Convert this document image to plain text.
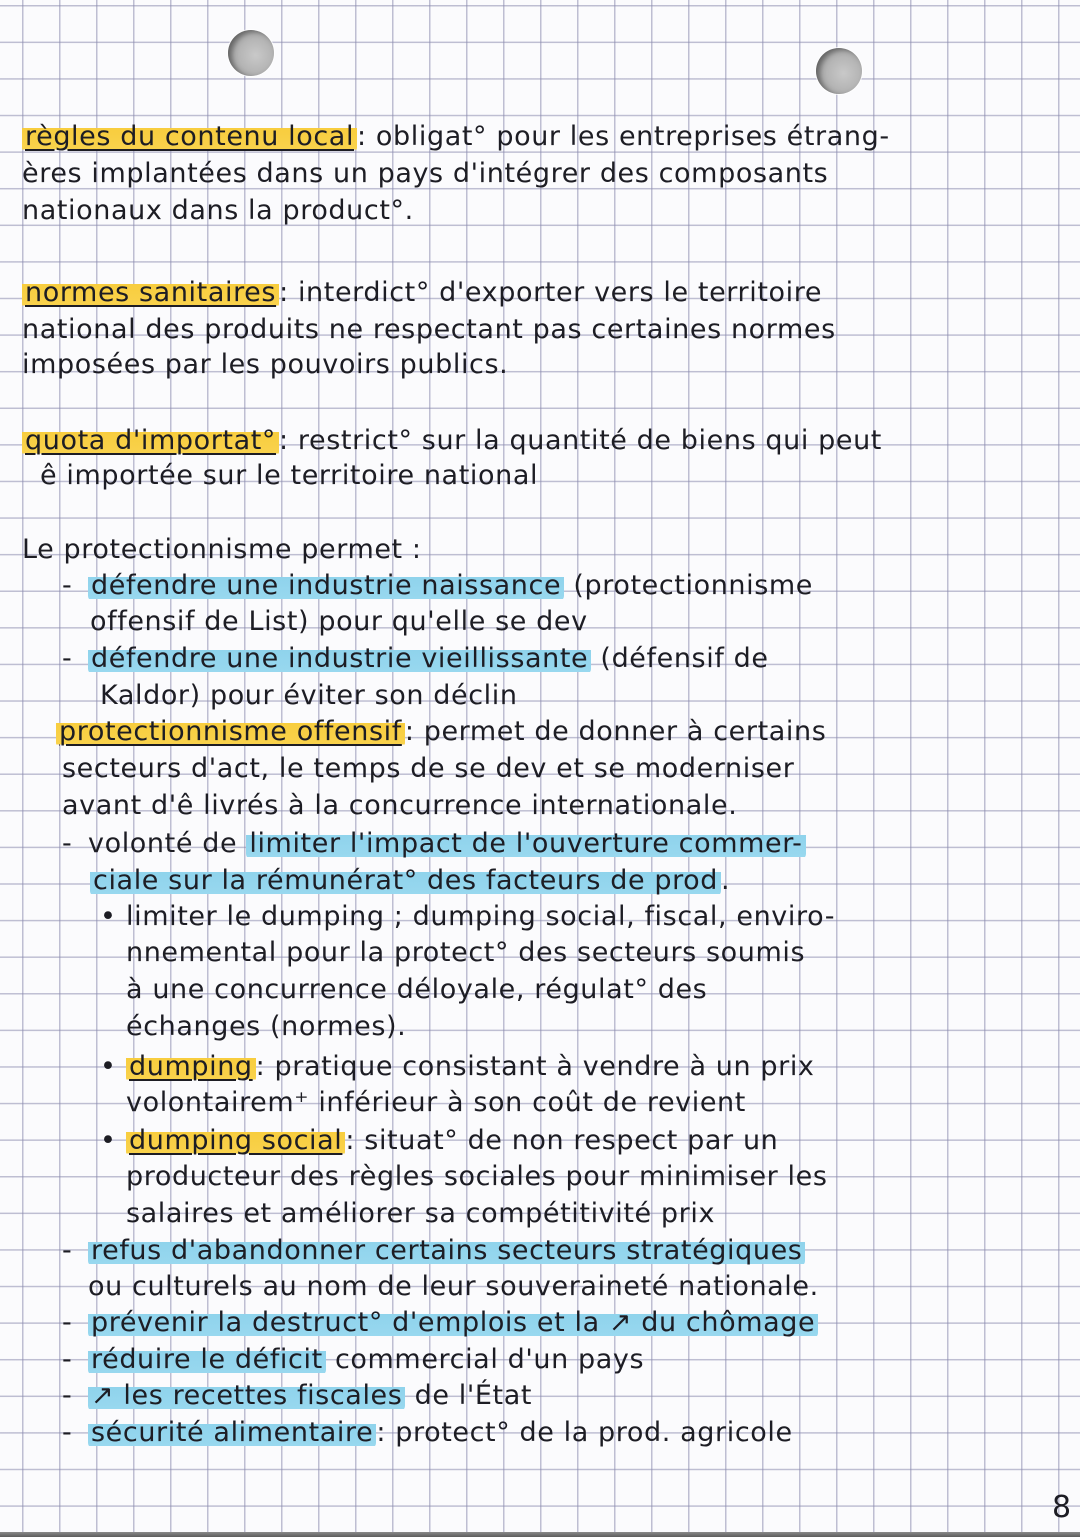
règles du contenu local : obligat° pour les entreprises étrang-
ères implantées dans un pays d'intégrer des composants
nationaux dans la product°.
normes sanitaires : interdict° d'exporter vers le territoire
national des produits ne respectant pas certaines normes
imposées par les pouvoirs publics.
quota d'importat° : restrict° sur la quantité de biens qui peut
ê importée sur le territoire national
Le protectionnisme permet :
- défendre une industrie naissance (protectionnisme
offensif de List) pour qu'elle se dev
- défendre une industrie vieillissante (défensif de
Kaldor) pour éviter son déclin
protectionnisme offensif : permet de donner à certains
secteurs d'act, le temps de se dev et se moderniser
avant d'ê livrés à la concurrence internationale.
- volonté de limiter l'impact de l'ouverture commer-
ciale sur la rémunérat° des facteurs de prod .
• limiter le dumping ; dumping social, fiscal, enviro-
nnemental pour la protect° des secteurs soumis
à une concurrence déloyale, régulat° des
échanges (normes).
• dumping : pratique consistant à vendre à un prix
volontairem⁺ inférieur à son coût de revient
• dumping social : situat° de non respect par un
producteur des règles sociales pour minimiser les
salaires et améliorer sa compétitivité prix
- refus d'abandonner certains secteurs stratégiques
ou culturels au nom de leur souveraineté nationale.
- prévenir la destruct° d'emplois et la ↗ du chômage
- réduire le déficit commercial d'un pays
- ↗ les recettes fiscales de l'État
- sécurité alimentaire : protect° de la prod. agricole
8
